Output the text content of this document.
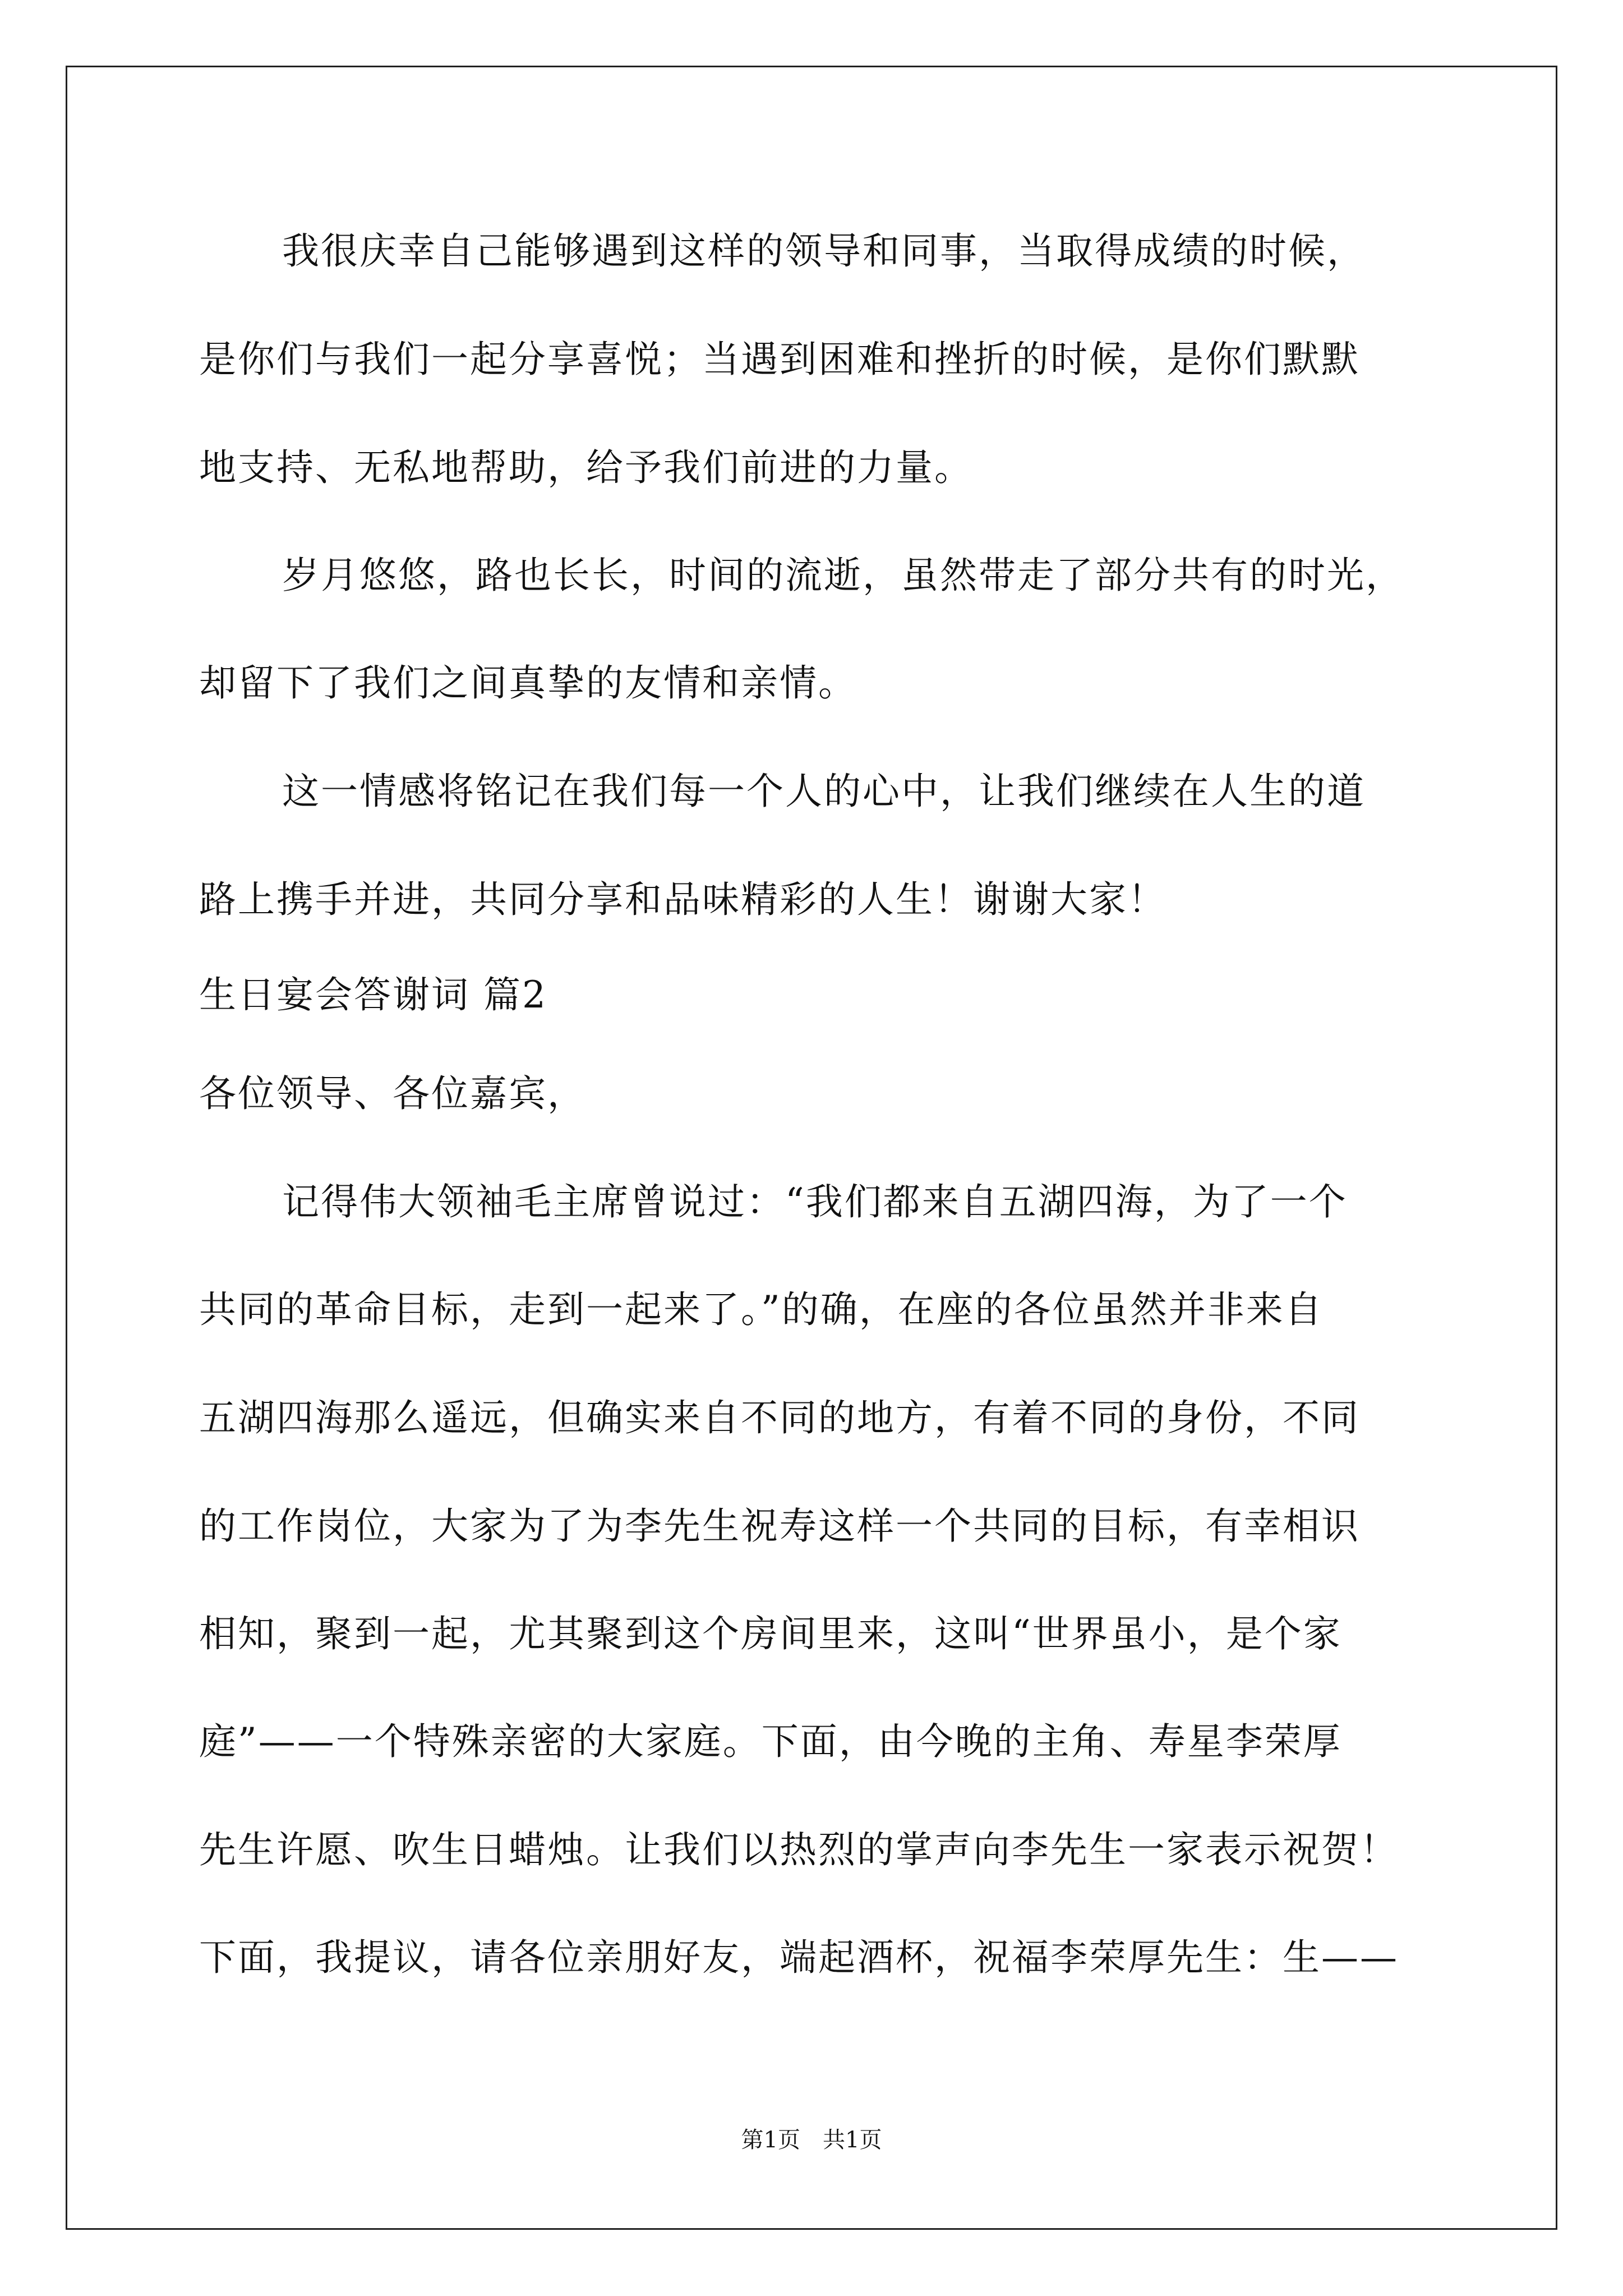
我很庆幸自己能够遇到这样的领导和同事，当取得成绩的时候，
是你们与我们一起分享喜悦；当遇到困难和挫折的时候，是你们默默
地支持、无私地帮助，给予我们前进的力量。
岁月悠悠，路也长长，时间的流逝，虽然带走了部分共有的时光，
却留下了我们之间真挚的友情和亲情。
这一情感将铭记在我们每一个人的心中，让我们继续在人生的道
路上携手并进，共同分享和品味精彩的人生！谢谢大家！
生日宴会答谢词 篇2
各位领导、各位嘉宾，
记得伟大领袖毛主席曾说过：“我们都来自五湖四海，为了一个
共同的革命目标，走到一起来了。”的确，在座的各位虽然并非来自
五湖四海那么遥远，但确实来自不同的地方，有着不同的身份，不同
的工作岗位，大家为了为李先生祝寿这样一个共同的目标，有幸相识
相知，聚到一起，尤其聚到这个房间里来，这叫“世界虽小，是个家
庭”——一个特殊亲密的大家庭。下面，由今晚的主角、寿星李荣厚
先生许愿、吹生日蜡烛。让我们以热烈的掌声向李先生一家表示祝贺！
下面，我提议，请各位亲朋好友，端起酒杯，祝福李荣厚先生：生——
第1页　共1页
